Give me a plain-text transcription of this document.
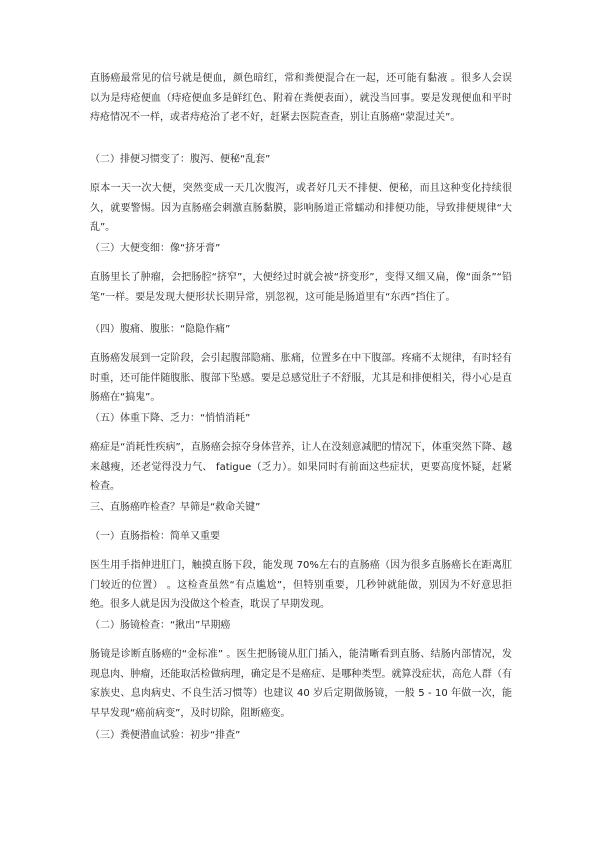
直肠癌最常见的信号就是便血，颜色暗红，常和粪便混合在一起，还可能有黏液 。很多人会误以为是痔疮便血（痔疮便血多是鲜红色、附着在粪便表面），就没当回事。要是发现便血和平时痔疮情况不一样，或者痔疮治了老不好，赶紧去医院查查，别让直肠癌“蒙混过关”。

（二）排便习惯变了：腹泻、便秘“乱套”

原本一天一次大便，突然变成一天几次腹泻，或者好几天不排便、便秘，而且这种变化持续很久，就要警惕。因为直肠癌会刺激直肠黏膜，影响肠道正常蠕动和排便功能，导致排便规律“大乱”。

（三）大便变细：像“挤牙膏”

直肠里长了肿瘤，会把肠腔“挤窄”，大便经过时就会被“挤变形”，变得又细又扁，像“面条”“铅笔”一样。要是发现大便形状长期异常，别忽视，这可能是肠道里有“东西”挡住了。

（四）腹痛、腹胀：“隐隐作痛”

直肠癌发展到一定阶段，会引起腹部隐痛、胀痛，位置多在中下腹部。疼痛不太规律，有时轻有时重，还可能伴随腹胀、腹部下坠感。要是总感觉肚子不舒服，尤其是和排便相关，得小心是直肠癌在“搞鬼”。

（五）体重下降、乏力：“悄悄消耗”

癌症是“消耗性疾病”，直肠癌会掠夺身体营养，让人在没刻意减肥的情况下，体重突然下降、越来越瘦，还老觉得没力气、 fatigue（乏力）。如果同时有前面这些症状，更要高度怀疑，赶紧检查。

三、直肠癌咋检查？早筛是“救命关键”

（一）直肠指检：简单又重要

医生用手指伸进肛门，触摸直肠下段，能发现 70%左右的直肠癌（因为很多直肠癌长在距离肛门较近的位置） 。这检查虽然“有点尴尬”，但特别重要，几秒钟就能做，别因为不好意思拒绝。很多人就是因为没做这个检查，耽误了早期发现。

（二）肠镜检查：“揪出”早期癌

肠镜是诊断直肠癌的“金标准” 。医生把肠镜从肛门插入，能清晰看到直肠、结肠内部情况，发现息肉、肿瘤，还能取活检做病理，确定是不是癌症、是哪种类型。就算没症状，高危人群（有家族史、息肉病史、不良生活习惯等）也建议 40 岁后定期做肠镜，一般 5 - 10 年做一次，能早早发现“癌前病变”，及时切除，阻断癌变。

（三）粪便潜血试验：初步“排查”
